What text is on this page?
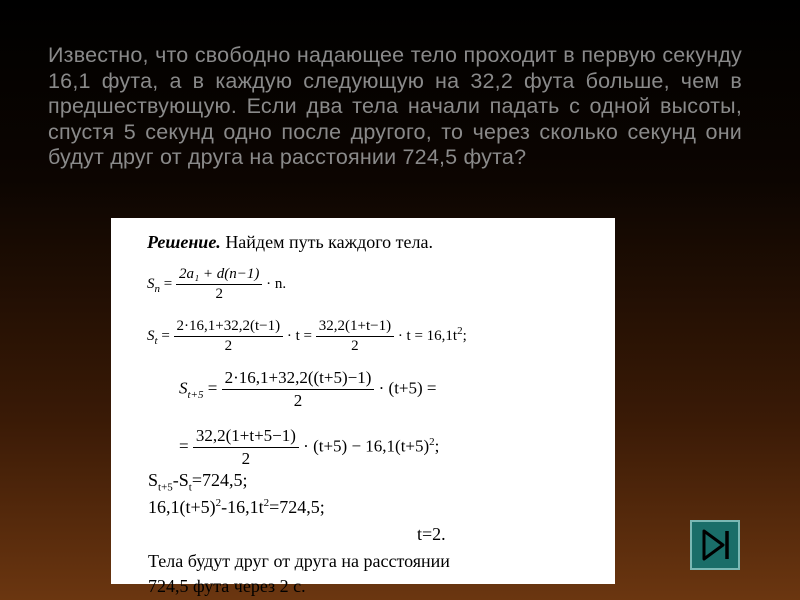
Известно, что свободно надающее тело проходит в первую секунду 16,1 фута, а в каждую следующую на 32,2 фута больше, чем в предшествующую. Если два тела начали падать с одной высоты, спустя 5 секунд одно после другого, то через сколько секунд они будут друг от друга на расстоянии 724,5 фута?
Решение. Найдем путь каждого тела.
$S_n = \frac{\text{2a₁ + d(n−1)}}{2} \cdot n$.
$S_t = \frac{2\cdot 16,1+32,2(t-1)}{2} \cdot t = \frac{32,2(1+t-1)}{2} \cdot t = 16,1t^2$;
$S_{t+5} = \frac{2\cdot 16,1+32,2((t+5)-1)}{2} \cdot (t+5)$ =
= $\frac{32,2(1+t+5-1)}{2} \cdot (t+5) - 16,1(t+5)^2$;
$S_{t+5}-S_t=724,5$;
$16,1(t+5)^2-16,1t^2=724,5$;
t=2.
Тела будут друг от друга на расстоянии
724,5 фута через 2 с.
